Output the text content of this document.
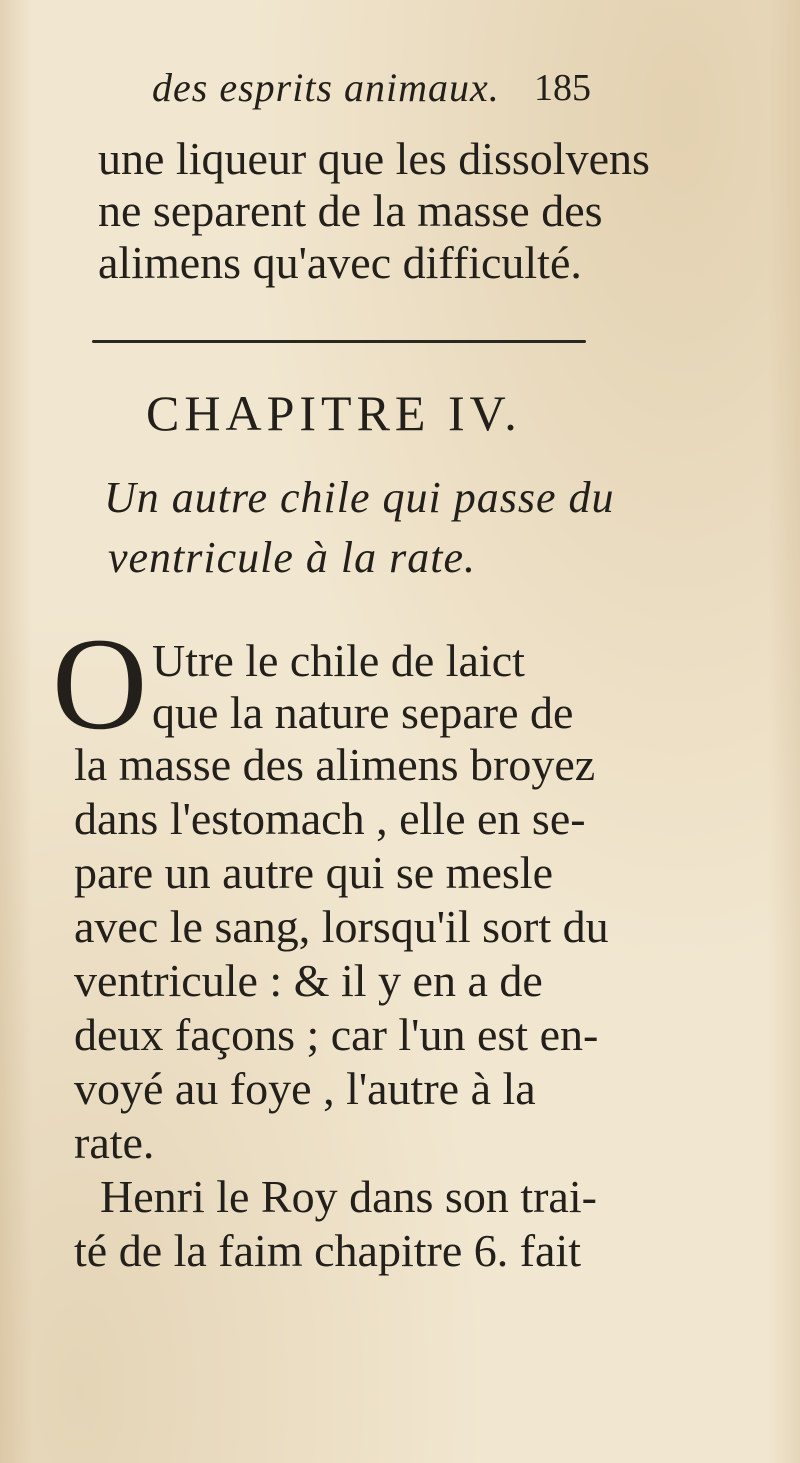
des esprits animaux. 185
une liqueur que les dissolvens
ne separent de la masse des
alimens qu'avec difficulté.
CHAPITRE IV.
Un autre chile qui passe du
ventricule à la rate.
O Utre le chile de laict
que la nature separe de
la masse des alimens broyez
dans l'estomach , elle en se-
pare un autre qui se mesle
avec le sang, lorsqu'il sort du
ventricule : & il y en a de
deux façons ; car l'un est en-
voyé au foye , l'autre à la
rate.
Henri le Roy dans son trai-
té de la faim chapitre 6. fait
